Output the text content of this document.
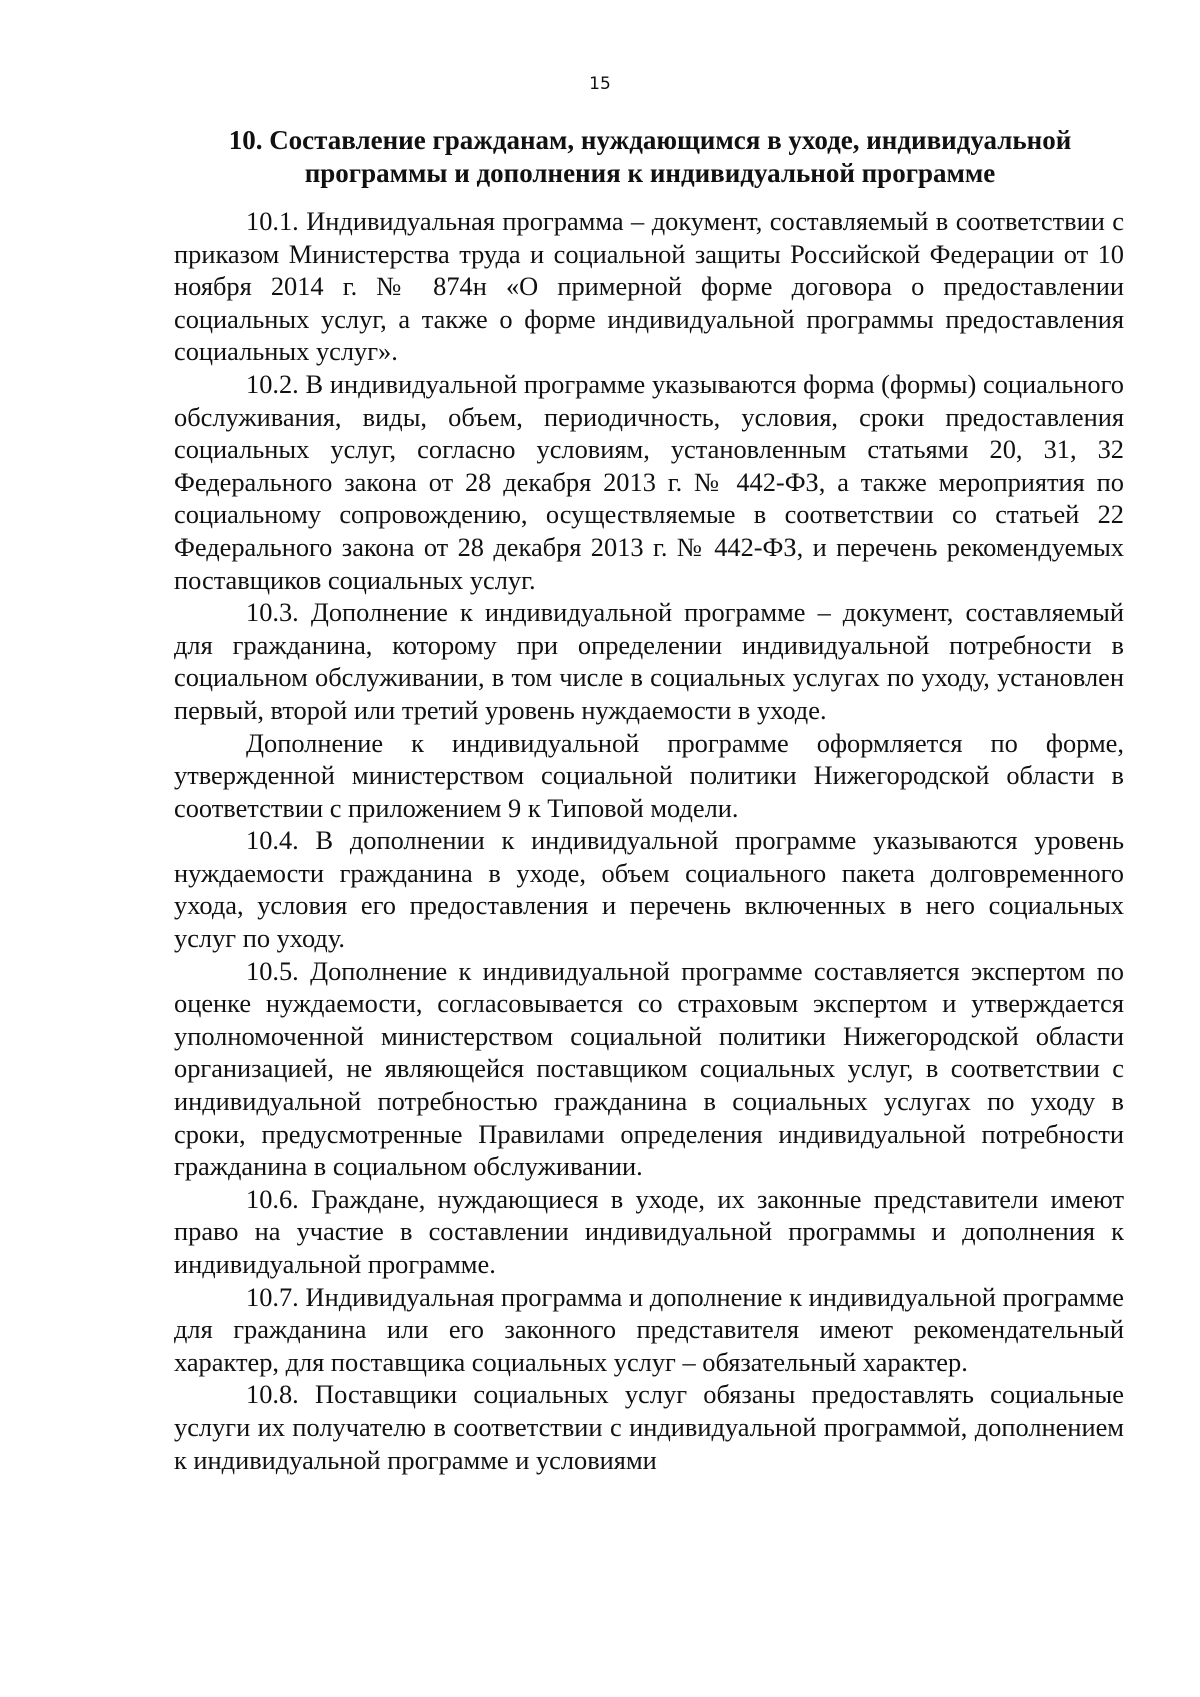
15
10. Составление гражданам, нуждающимся в уходе, индивидуальной
программы и дополнения к индивидуальной программе

10.1. Индивидуальная программа – документ, составляемый в соответствии с приказом Министерства труда и социальной защиты Российской Федерации от 10 ноября 2014 г. № 874н «О примерной форме договора о предоставлении социальных услуг, а также о форме индивидуальной программы предоставления социальных услуг».

10.2. В индивидуальной программе указываются форма (формы) социального обслуживания, виды, объем, периодичность, условия, сроки предоставления социальных услуг, согласно условиям, установленным статьями 20, 31, 32 Федерального закона от 28 декабря 2013 г. № 442-ФЗ, а также мероприятия по социальному сопровождению, осуществляемые в соответствии со статьей 22 Федерального закона от 28 декабря 2013 г. № 442-ФЗ, и перечень рекомендуемых поставщиков социальных услуг.

10.3. Дополнение к индивидуальной программе – документ, составляемый для гражданина, которому при определении индивидуальной потребности в социальном обслуживании, в том числе в социальных услугах по уходу, установлен первый, второй или третий уровень нуждаемости в уходе.

Дополнение к индивидуальной программе оформляется по форме, утвержденной министерством социальной политики Нижегородской области в соответствии с приложением 9 к Типовой модели.

10.4. В дополнении к индивидуальной программе указываются уровень нуждаемости гражданина в уходе, объем социального пакета долговременного ухода, условия его предоставления и перечень включенных в него социальных услуг по уходу.

10.5. Дополнение к индивидуальной программе составляется экспертом по оценке нуждаемости, согласовывается со страховым экспертом и утверждается уполномоченной министерством социальной политики Нижегородской области организацией, не являющейся поставщиком социальных услуг, в соответствии с индивидуальной потребностью гражданина в социальных услугах по уходу в сроки, предусмотренные Правилами определения индивидуальной потребности гражданина в социальном обслуживании.

10.6. Граждане, нуждающиеся в уходе, их законные представители имеют право на участие в составлении индивидуальной программы и дополнения к индивидуальной программе.

10.7. Индивидуальная программа и дополнение к индивидуальной программе для гражданина или его законного представителя имеют рекомендательный характер, для поставщика социальных услуг – обязательный характер.

10.8. Поставщики социальных услуг обязаны предоставлять социальные услуги их получателю в соответствии с индивидуальной программой, дополнением к индивидуальной программе и условиями
